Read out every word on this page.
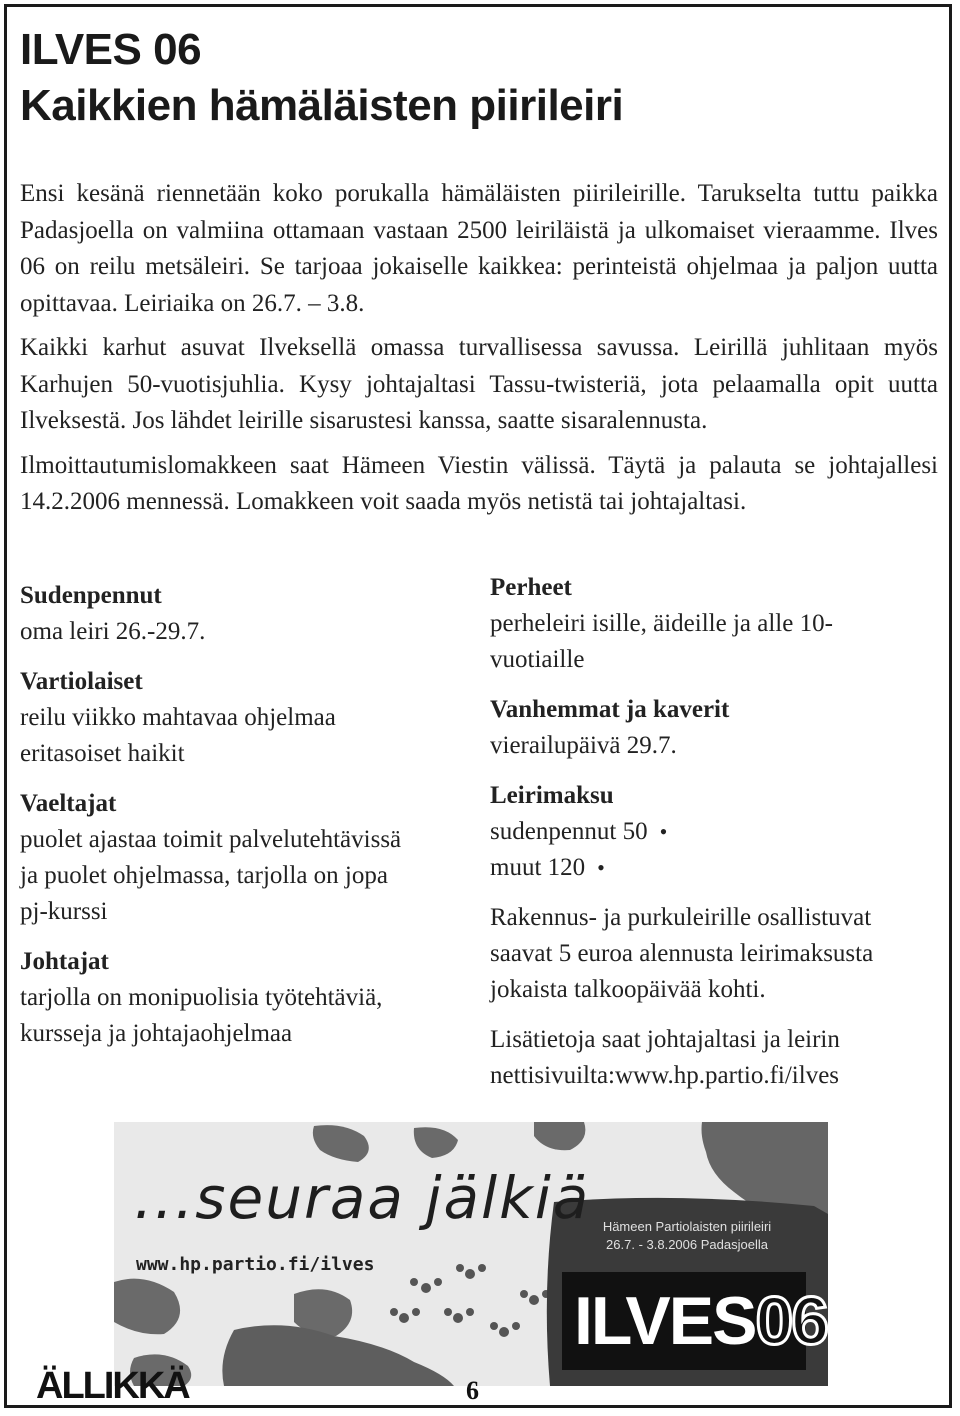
ILVES 06
Kaikkien hämäläisten piirileiri

Ensi kesänä riennetään koko porukalla hämäläisten piirileirille. Tarukselta tuttu paikka Padasjoella on valmiina ottamaan vastaan 2500 leiriläistä ja ulkomaiset vieraamme. Ilves 06 on reilu metsäleiri. Se tarjoaa jokaiselle kaikkea: perinteistä ohjelmaa ja paljon uutta opittavaa. Leiriaika on 26.7. – 3.8.

Kaikki karhut asuvat Ilveksellä omassa turvallisessa savussa. Leirillä juhlitaan myös Karhujen 50-vuotisjuhlia. Kysy johtajaltasi Tassu-twisteriä, jota pelaamalla opit uutta Ilveksestä. Jos lähdet leirille sisarustesi kanssa, saatte sisaralennusta.

Ilmoittautumislomakkeen saat Hämeen Viestin välissä. Täytä ja palauta se johtajallesi 14.2.2006 mennessä. Lomakkeen voit saada myös netistä tai johtajaltasi.

Sudenpennut
oma leiri 26.-29.7.
Vartiolaiset
reilu viikko mahtavaa ohjelmaa
eritasoiset haikit
Vaeltajat
puolet ajastaa toimit palvelutehtävissä
ja puolet ohjelmassa, tarjolla on jopa
pj-kurssi
Johtajat
tarjolla on monipuolisia työtehtäviä,
kursseja ja johtajaohjelmaa
Perheet
perheleiri isille, äideille ja alle 10-
vuotiaille
Vanhemmat ja kaverit
vierailupäivä 29.7.
Leirimaksu
sudenpennut 50 •
muut 120 •

Rakennus- ja purkuleirille osallistuvat saavat 5 euroa alennusta leirimaksusta jokaista talkoopäivää kohti.

Lisätietoja saat johtajaltasi ja leirin nettisivuilta:www.hp.partio.fi/ilves

...seuraa jälkiä
www.hp.partio.fi/ilves
Hämeen Partiolaisten piirileiri
26.7. - 3.8.2006 Padasjoella
ILVES06
ÄLLIKKÄ	6
